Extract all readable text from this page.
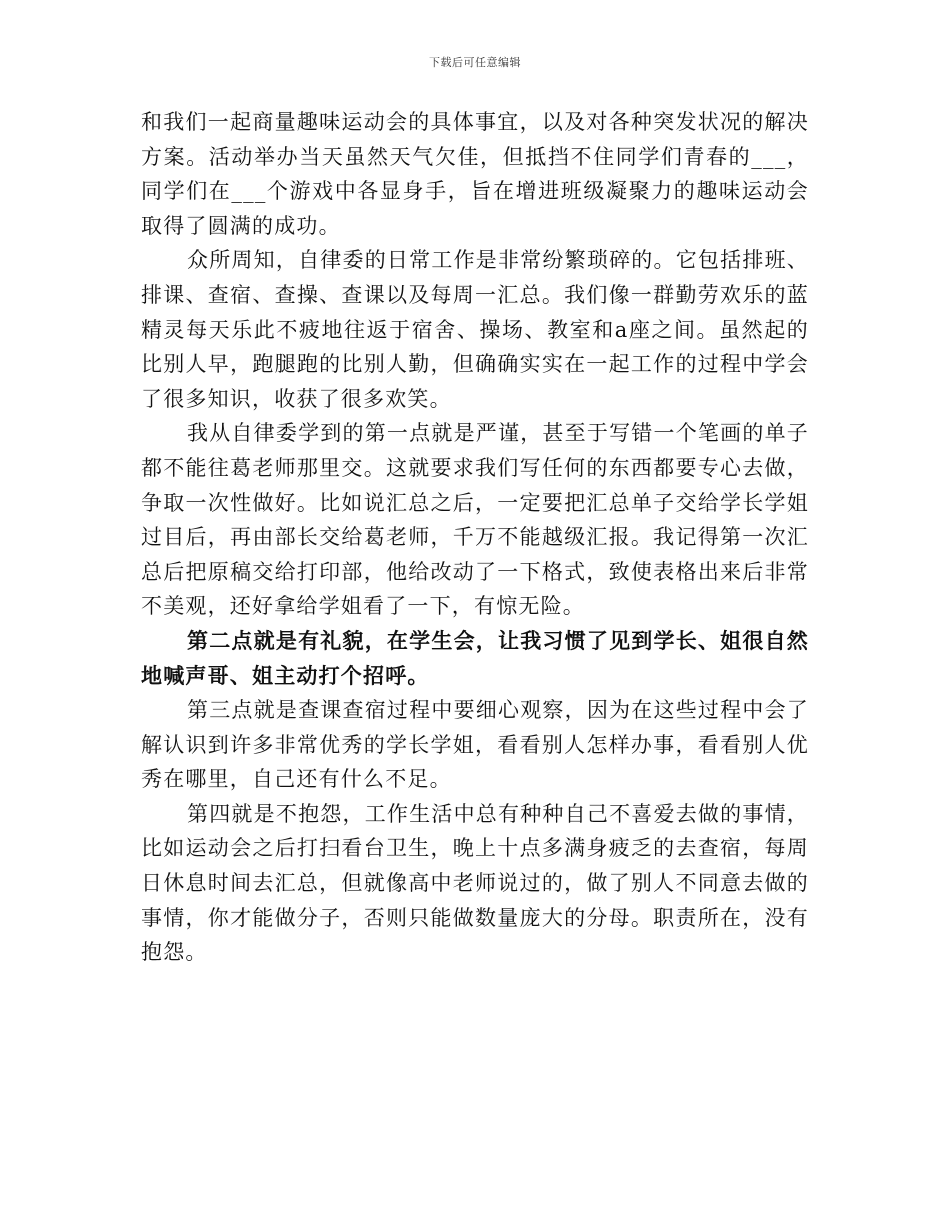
下载后可任意编辑

和我们一起商量趣味运动会的具体事宜，以及对各种突发状况的解决方案。活动举办当天虽然天气欠佳，但抵挡不住同学们青春的___，同学们在___个游戏中各显身手，旨在增进班级凝聚力的趣味运动会取得了圆满的成功。

众所周知，自律委的日常工作是非常纷繁琐碎的。它包括排班、排课、查宿、查操、查课以及每周一汇总。我们像一群勤劳欢乐的蓝精灵每天乐此不疲地往返于宿舍、操场、教室和a座之间。虽然起的比别人早，跑腿跑的比别人勤，但确确实实在一起工作的过程中学会了很多知识，收获了很多欢笑。

我从自律委学到的第一点就是严谨，甚至于写错一个笔画的单子都不能往葛老师那里交。这就要求我们写任何的东西都要专心去做，争取一次性做好。比如说汇总之后，一定要把汇总单子交给学长学姐过目后，再由部长交给葛老师，千万不能越级汇报。我记得第一次汇总后把原稿交给打印部，他给改动了一下格式，致使表格出来后非常不美观，还好拿给学姐看了一下，有惊无险。

第二点就是有礼貌，在学生会，让我习惯了见到学长、姐很自然地喊声哥、姐主动打个招呼。

第三点就是查课查宿过程中要细心观察，因为在这些过程中会了解认识到许多非常优秀的学长学姐，看看别人怎样办事，看看别人优秀在哪里，自己还有什么不足。

第四就是不抱怨，工作生活中总有种种自己不喜爱去做的事情，比如运动会之后打扫看台卫生，晚上十点多满身疲乏的去查宿，每周日休息时间去汇总，但就像高中老师说过的，做了别人不同意去做的事情，你才能做分子，否则只能做数量庞大的分母。职责所在，没有抱怨。
